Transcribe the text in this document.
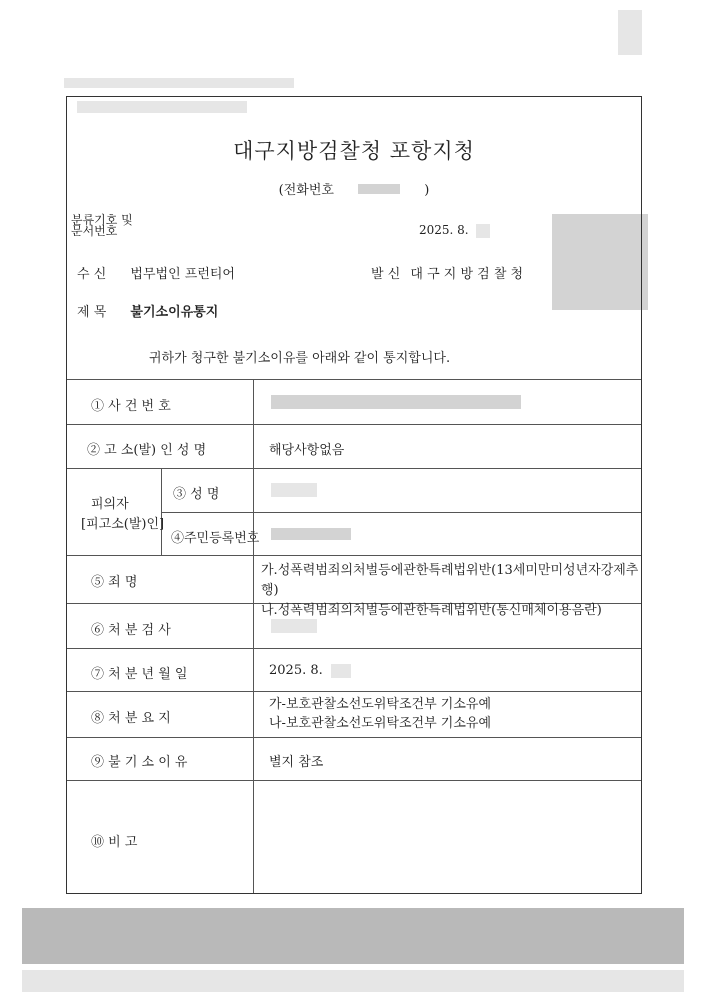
대구지방검찰청 포항지청
(전화번호	)
분류기호 및
문서번호	2025. 8.
수 신 법무법인 프런티어	발 신 대 구 지 방 검 찰 청
제 목 불기소이유통지
귀하가 청구한 불기소이유를 아래와 같이 통지합니다.
① 사 건 번 호
② 고 소(발) 인 성 명	해당사항없음
피의자
[피고소(발)인]
③ 성 명
④주민등록번호
⑤ 죄 명
가.성폭력범죄의처벌등에관한특례법위반(13세미만미성년자강제추행)
나.성폭력범죄의처벌등에관한특례법위반(통신매체이용음란)
⑥ 처 분 검 사
⑦ 처 분 년 월 일	2025. 8.
⑧ 처 분 요 지
가-보호관찰소선도위탁조건부 기소유예
나-보호관찰소선도위탁조건부 기소유예
⑨ 불 기 소 이 유	별지 참조
⑩ 비 고
